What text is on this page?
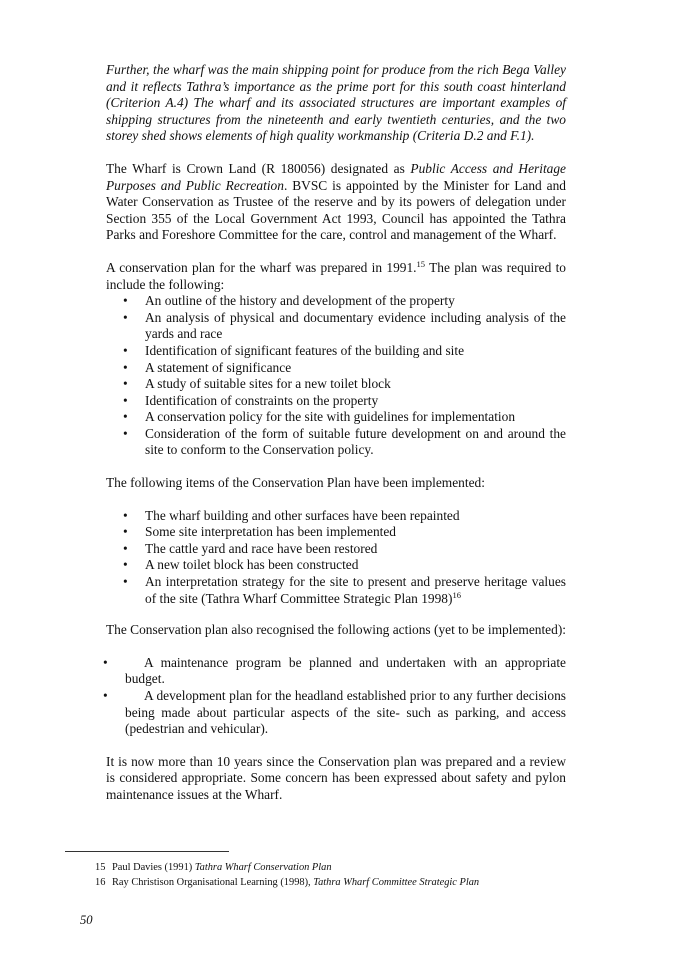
Further, the wharf was the main shipping point for produce from the rich Bega Valley and it reflects Tathra’s importance as the prime port for this south coast hinterland (Criterion A.4) The wharf and its associated structures are important examples of shipping structures from the nineteenth and early twentieth centuries, and the two storey shed shows elements of high quality workmanship (Criteria D.2 and F.1).

The Wharf is Crown Land (R 180056) designated as Public Access and Heritage Purposes and Public Recreation. BVSC is appointed by the Minister for Land and Water Conservation as Trustee of the reserve and by its powers of delegation under Section 355 of the Local Government Act 1993, Council has appointed the Tathra Parks and Foreshore Committee for the care, control and management of the Wharf.

A conservation plan for the wharf was prepared in 1991.15 The plan was required to include the following:

• An outline of the history and development of the property
• An analysis of physical and documentary evidence including analysis of the yards and race
• Identification of significant features of the building and site
• A statement of significance
• A study of suitable sites for a new toilet block
• Identification of constraints on the property
• A conservation policy for the site with guidelines for implementation
• Consideration of the form of suitable future development on and around the site to conform to the Conservation policy.

The following items of the Conservation Plan have been implemented:

• The wharf building and other surfaces have been repainted
• Some site interpretation has been implemented
• The cattle yard and race have been restored
• A new toilet block has been constructed
• An interpretation strategy for the site to present and preserve heritage values of the site (Tathra Wharf Committee Strategic Plan 1998)$^{16}$

The Conservation plan also recognised the following actions (yet to be implemented):

•	A maintenance program be planned and undertaken with an appropriate budget.
•	A development plan for the headland established prior to any further decisions being made about particular aspects of the site- such as parking, and access (pedestrian and vehicular).

It is now more than 10 years since the Conservation plan was prepared and a review is considered appropriate. Some concern has been expressed about safety and pylon maintenance issues at the Wharf.

15 Paul Davies (1991) Tathra Wharf Conservation Plan
16 Ray Christison Organisational Learning (1998), Tathra Wharf Committee Strategic Plan
50
